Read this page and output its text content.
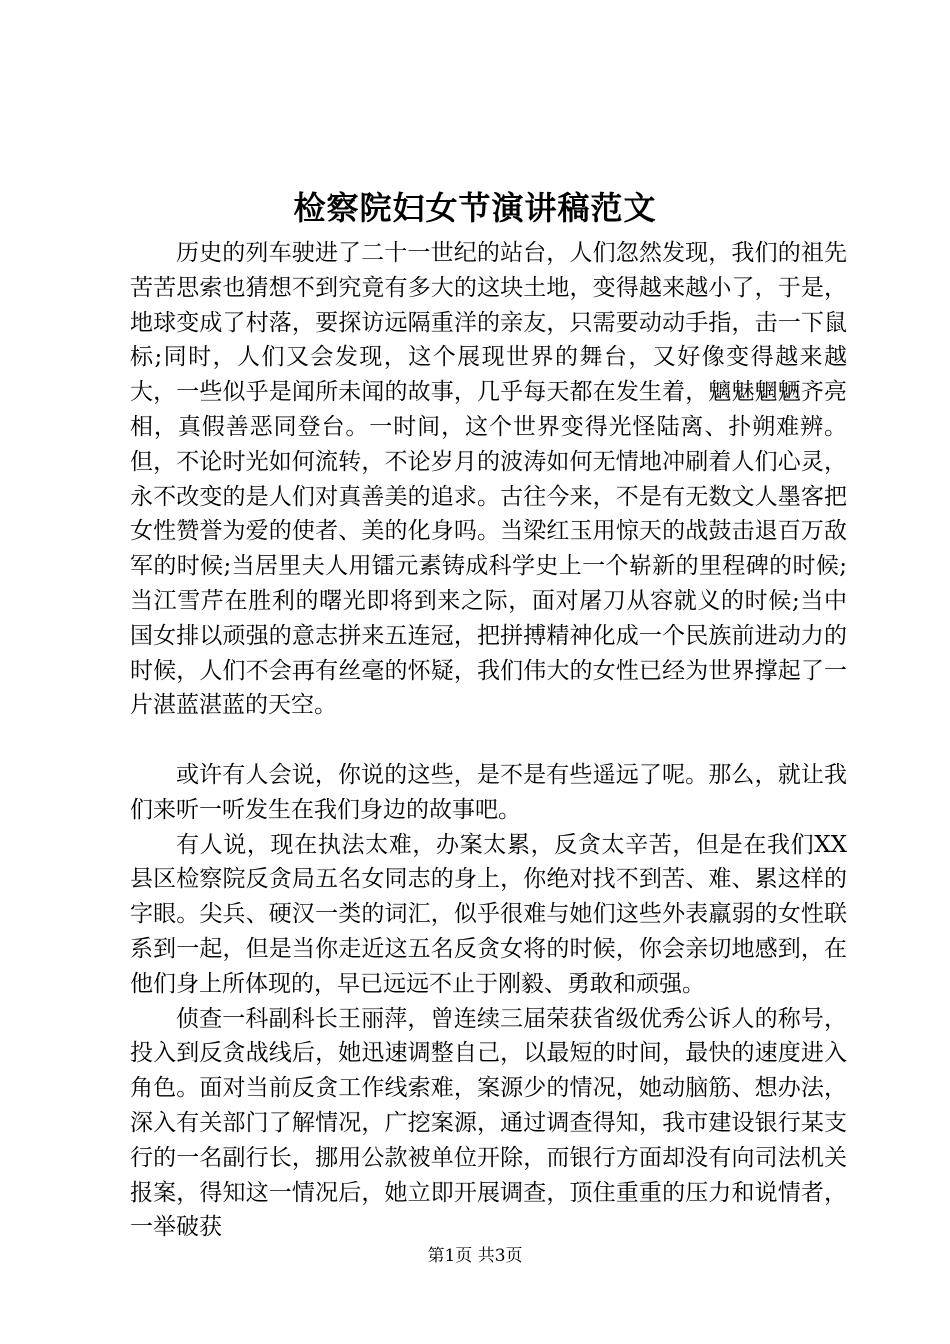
检察院妇女节演讲稿范文

历史的列车驶进了二十一世纪的站台，人们忽然发现，我们的祖先苦苦思索也猜想不到究竟有多大的这块土地，变得越来越小了，于是，地球变成了村落，要探访远隔重洋的亲友，只需要动动手指，击一下鼠标;同时，人们又会发现，这个展现世界的舞台，又好像变得越来越大，一些似乎是闻所未闻的故事，几乎每天都在发生着，魑魅魍魉齐亮相，真假善恶同登台。一时间，这个世界变得光怪陆离、扑朔难辨。但，不论时光如何流转，不论岁月的波涛如何无情地冲刷着人们心灵，永不改变的是人们对真善美的追求。古往今来，不是有无数文人墨客把女性赞誉为爱的使者、美的化身吗。当梁红玉用惊天的战鼓击退百万敌军的时候;当居里夫人用镭元素铸成科学史上一个崭新的里程碑的时候;当江雪芹在胜利的曙光即将到来之际，面对屠刀从容就义的时候;当中国女排以顽强的意志拼来五连冠，把拼搏精神化成一个民族前进动力的时候，人们不会再有丝毫的怀疑，我们伟大的女性已经为世界撑起了一片湛蓝湛蓝的天空。

或许有人会说，你说的这些，是不是有些遥远了呢。那么，就让我们来听一听发生在我们身边的故事吧。

有人说，现在执法太难，办案太累，反贪太辛苦，但是在我们XX县区检察院反贪局五名女同志的身上，你绝对找不到苦、难、累这样的字眼。尖兵、硬汉一类的词汇，似乎很难与她们这些外表羸弱的女性联系到一起，但是当你走近这五名反贪女将的时候，你会亲切地感到，在他们身上所体现的，早已远远不止于刚毅、勇敢和顽强。

侦查一科副科长王丽萍，曾连续三届荣获省级优秀公诉人的称号，投入到反贪战线后，她迅速调整自己，以最短的时间，最快的速度进入角色。面对当前反贪工作线索难，案源少的情况，她动脑筋、想办法，深入有关部门了解情况，广挖案源，通过调查得知，我市建设银行某支行的一名副行长，挪用公款被单位开除，而银行方面却没有向司法机关报案，得知这一情况后，她立即开展调查，顶住重重的压力和说情者，一举破获

第1页 共3页
